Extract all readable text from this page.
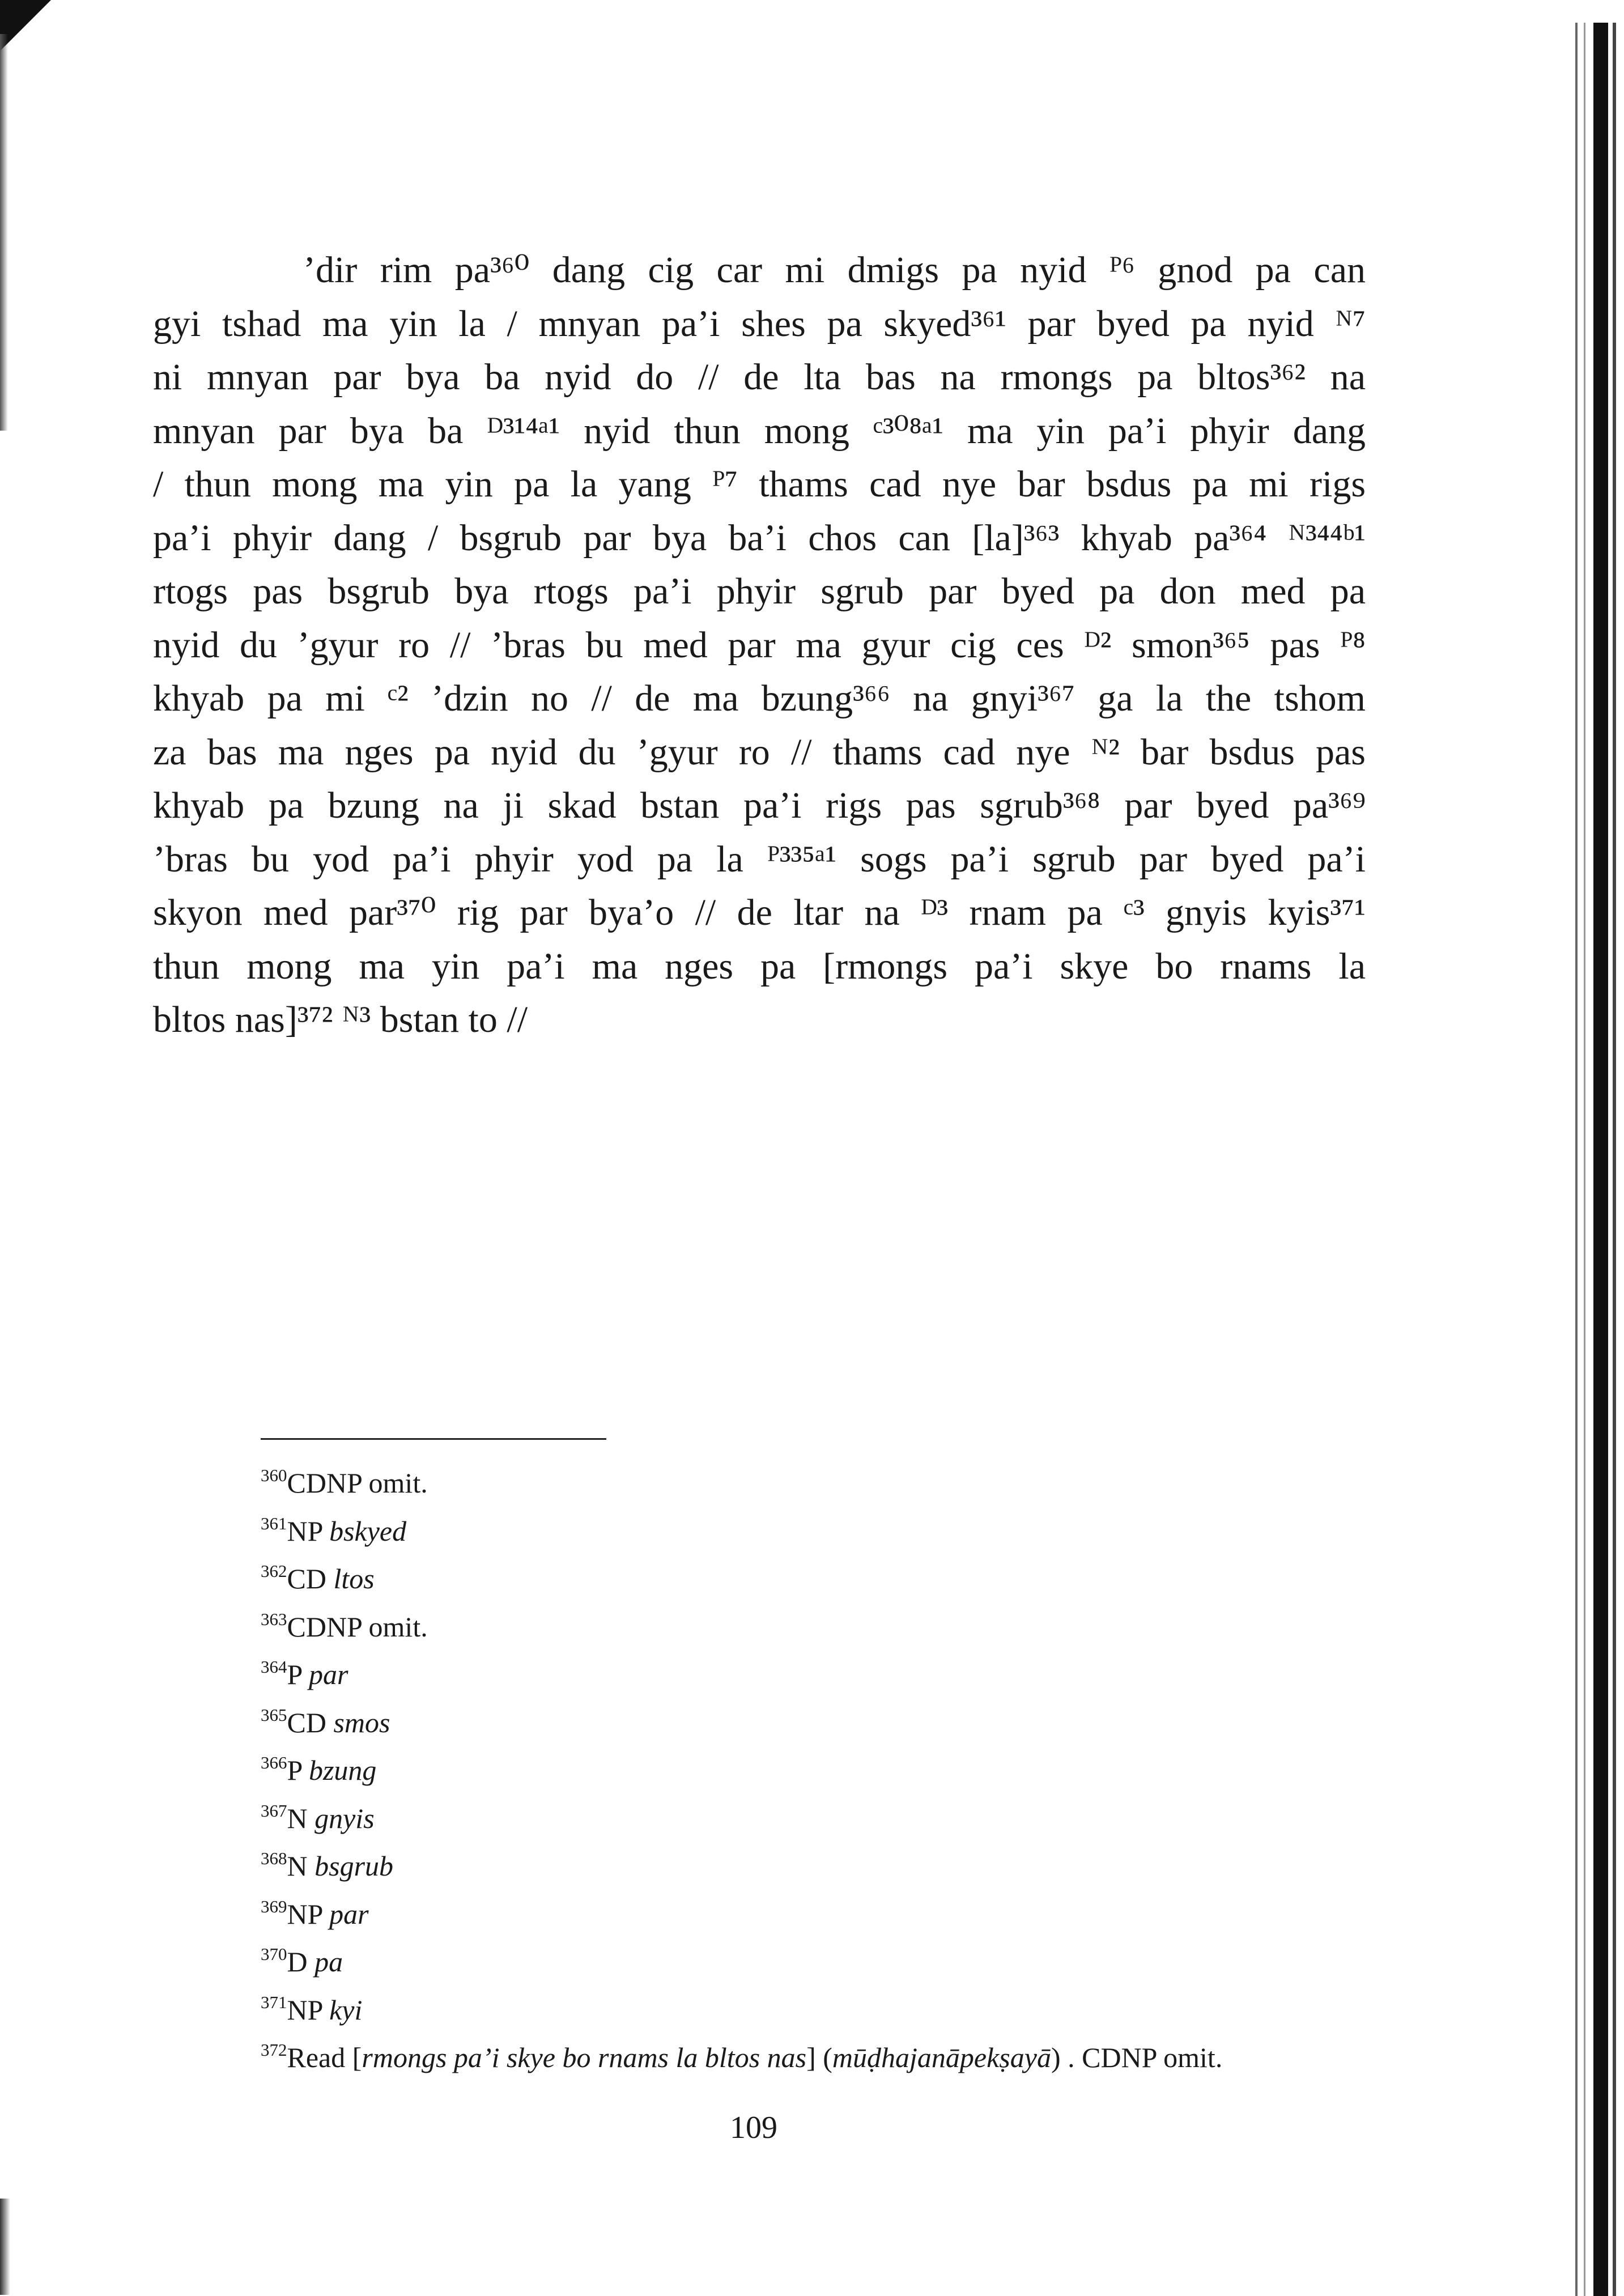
’dir rim pa³⁶⁰ dang cig car mi dmigs pa nyid ᴾ⁶ gnod pa can
gyi tshad ma yin la / mnyan pa’i shes pa skyed³⁶¹ par byed pa nyid ᴺ⁷
ni mnyan par bya ba nyid do // de lta bas na rmongs pa bltos³⁶² na
mnyan par bya ba ᴰ³¹⁴ᵃ¹ nyid thun mong ᶜ³⁰⁸ᵃ¹ ma yin pa’i phyir dang
/ thun mong ma yin pa la yang ᴾ⁷ thams cad nye bar bsdus pa mi rigs
pa’i phyir dang / bsgrub par bya ba’i chos can [la]³⁶³ khyab pa³⁶⁴ ᴺ³⁴⁴ᵇ¹
rtogs pas bsgrub bya rtogs pa’i phyir sgrub par byed pa don med pa
nyid du ’gyur ro // ’bras bu med par ma gyur cig ces ᴰ² smon³⁶⁵ pas ᴾ⁸
khyab pa mi ᶜ² ’dzin no // de ma bzung³⁶⁶ na gnyi³⁶⁷ ga la the tshom
za bas ma nges pa nyid du ’gyur ro // thams cad nye ᴺ² bar bsdus pas
khyab pa bzung na ji skad bstan pa’i rigs pas sgrub³⁶⁸ par byed pa³⁶⁹
’bras bu yod pa’i phyir yod pa la ᴾ³³⁵ᵃ¹ sogs pa’i sgrub par byed pa’i
skyon med par³⁷⁰ rig par bya’o // de ltar na ᴰ³ rnam pa ᶜ³ gnyis kyis³⁷¹
thun mong ma yin pa’i ma nges pa [rmongs pa’i skye bo rnams la
bltos nas]³⁷² ᴺ³ bstan to //
$^{360}$CDNP omit.
$^{361}$NP bskyed
$^{362}$CD ltos
$^{363}$CDNP omit.
$^{364}$P par
$^{365}$CD smos
$^{366}$P bzung
$^{367}$N gnyis
$^{368}$N bsgrub
$^{369}$NP par
$^{370}$D pa
$^{371}$NP kyi
$^{372}$Read [rmongs pa’i skye bo rnams la bltos nas] (mūḍhajanāpekṣayā) . CDNP omit.
109
